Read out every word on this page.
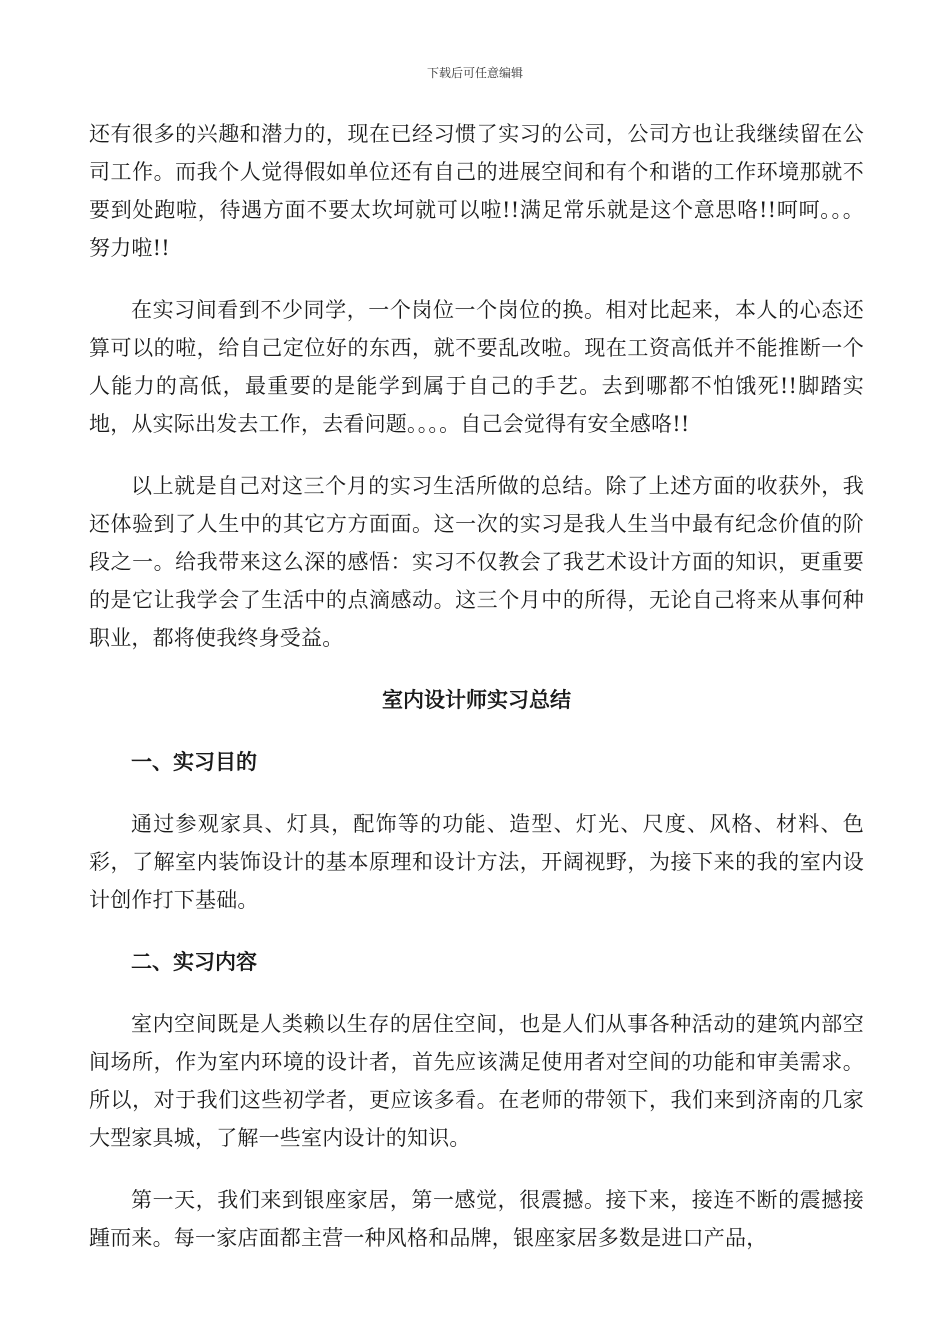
下载后可任意编辑

还有很多的兴趣和潜力的，现在已经习惯了实习的公司，公司方也让我继续留在公司工作。而我个人觉得假如单位还有自己的进展空间和有个和谐的工作环境那就不要到处跑啦，待遇方面不要太坎坷就可以啦!!满足常乐就是这个意思咯!!呵呵。。。努力啦!!

在实习间看到不少同学，一个岗位一个岗位的换。相对比起来，本人的心态还算可以的啦，给自己定位好的东西，就不要乱改啦。现在工资高低并不能推断一个人能力的高低，最重要的是能学到属于自己的手艺。去到哪都不怕饿死!!脚踏实地，从实际出发去工作，去看问题。。。。自己会觉得有安全感咯!!

以上就是自己对这三个月的实习生活所做的总结。除了上述方面的收获外，我还体验到了人生中的其它方方面面。这一次的实习是我人生当中最有纪念价值的阶段之一。给我带来这么深的感悟：实习不仅教会了我艺术设计方面的知识，更重要的是它让我学会了生活中的点滴感动。这三个月中的所得，无论自己将来从事何种职业，都将使我终身受益。

室内设计师实习总结
一、实习目的

通过参观家具、灯具，配饰等的功能、造型、灯光、尺度、风格、材料、色彩，了解室内装饰设计的基本原理和设计方法，开阔视野，为接下来的我的室内设计创作打下基础。

二、实习内容

室内空间既是人类赖以生存的居住空间，也是人们从事各种活动的建筑内部空间场所，作为室内环境的设计者，首先应该满足使用者对空间的功能和审美需求。所以，对于我们这些初学者，更应该多看。在老师的带领下，我们来到济南的几家大型家具城，了解一些室内设计的知识。

第一天，我们来到银座家居，第一感觉，很震撼。接下来，接连不断的震撼接踵而来。每一家店面都主营一种风格和品牌，银座家居多数是进口产品，
